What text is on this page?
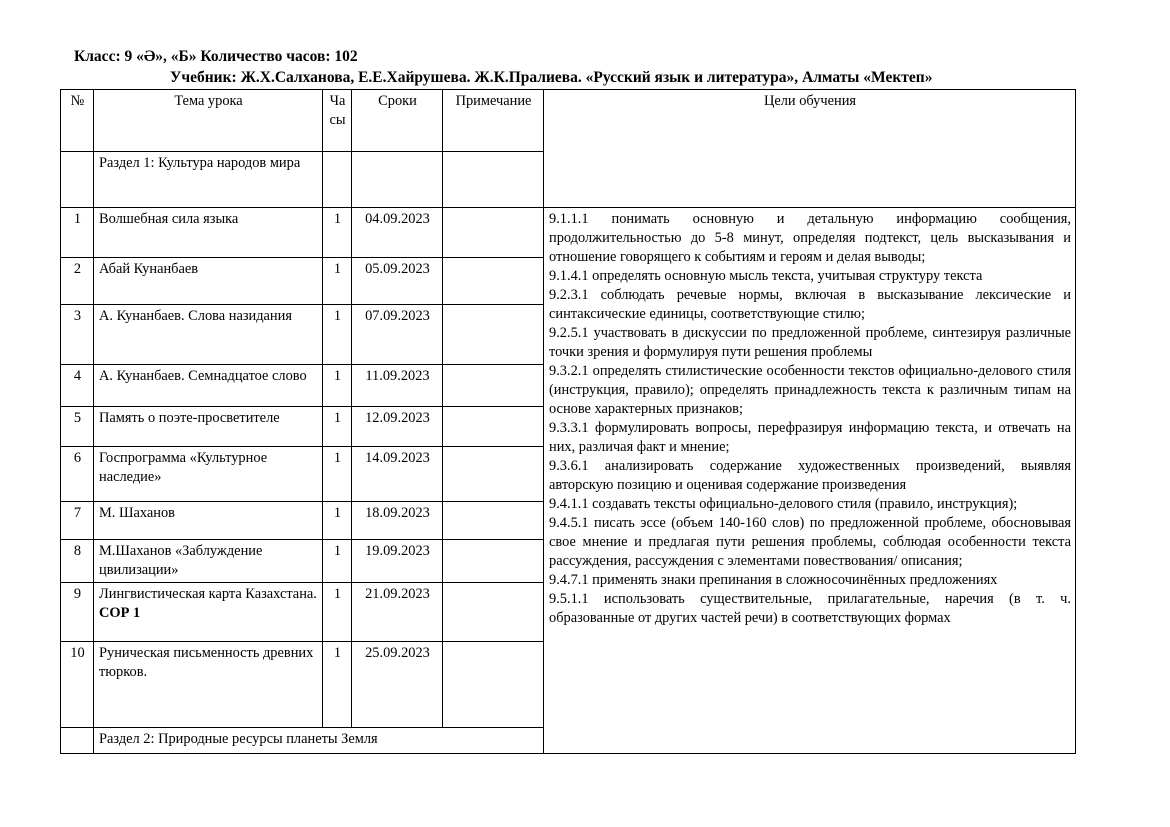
Класс: 9 «Ә», «Б» Количество часов: 102
Учебник: Ж.Х.Салханова, Е.Е.Хайрушева. Ж.К.Пралиева. «Русский язык и литература», Алматы «Мектеп»
№	Тема урока	Часы	Сроки	Примечание	Цели обучения
	Раздел 1: Культура народов мира				
1	Волшебная сила языка	1	04.09.2023		9.1.1.1 понимать основную и детальную информацию сообщения, продолжительностью до 5-8 минут, определяя подтекст, цель высказывания и отношение говорящего к событиям и героям и делая выводы;

9.1.4.1 определять основную мысль текста, учитывая структуру текста

9.2.3.1 соблюдать речевые нормы, включая в высказывание лексические и синтаксические единицы, соответствующие стилю;

9.2.5.1 участвовать в дискуссии по предложенной проблеме, синтезируя различные точки зрения и формулируя пути решения проблемы

9.3.2.1 определять стилистические особенности текстов официально-делового стиля (инструкция, правило); определять принадлежность текста к различным типам на основе характерных признаков;

9.3.3.1 формулировать вопросы, перефразируя информацию текста, и отвечать на них, различая факт и мнение;

9.3.6.1 анализировать содержание художественных произведений, выявляя авторскую позицию и оценивая содержание произведения

9.4.1.1 создавать тексты официально-делового стиля (правило, инструкция);

9.4.5.1 писать эссе (объем 140-160 слов) по предложенной проблеме, обосновывая свое мнение и предлагая пути решения проблемы, соблюдая особенности текста рассуждения, рассуждения с элементами повествования/ описания;

9.4.7.1 применять знаки препинания в сложносочинённых предложениях

9.5.1.1 использовать существительные, прилагательные, наречия (в т. ч. образованные от других частей речи) в соответствующих формах

2	Абай Кунанбаев	1	05.09.2023		
3	А. Кунанбаев. Слова назидания	1	07.09.2023		
4	А. Кунанбаев. Семнадцатое слово	1	11.09.2023		
5	Память о поэте-просветителе	1	12.09.2023		
6	Госпрограмма «Культурное наследие»	1	14.09.2023		
7	М. Шаханов	1	18.09.2023		
8	М.Шаханов «Заблуждение цвилизации»	1	19.09.2023		
9	Лингвистическая карта Казахстана. СОР 1	1	21.09.2023		
10	Руническая письменность древних тюрков.	1	25.09.2023		
	Раздел 2: Природные ресурсы планеты Земля				
